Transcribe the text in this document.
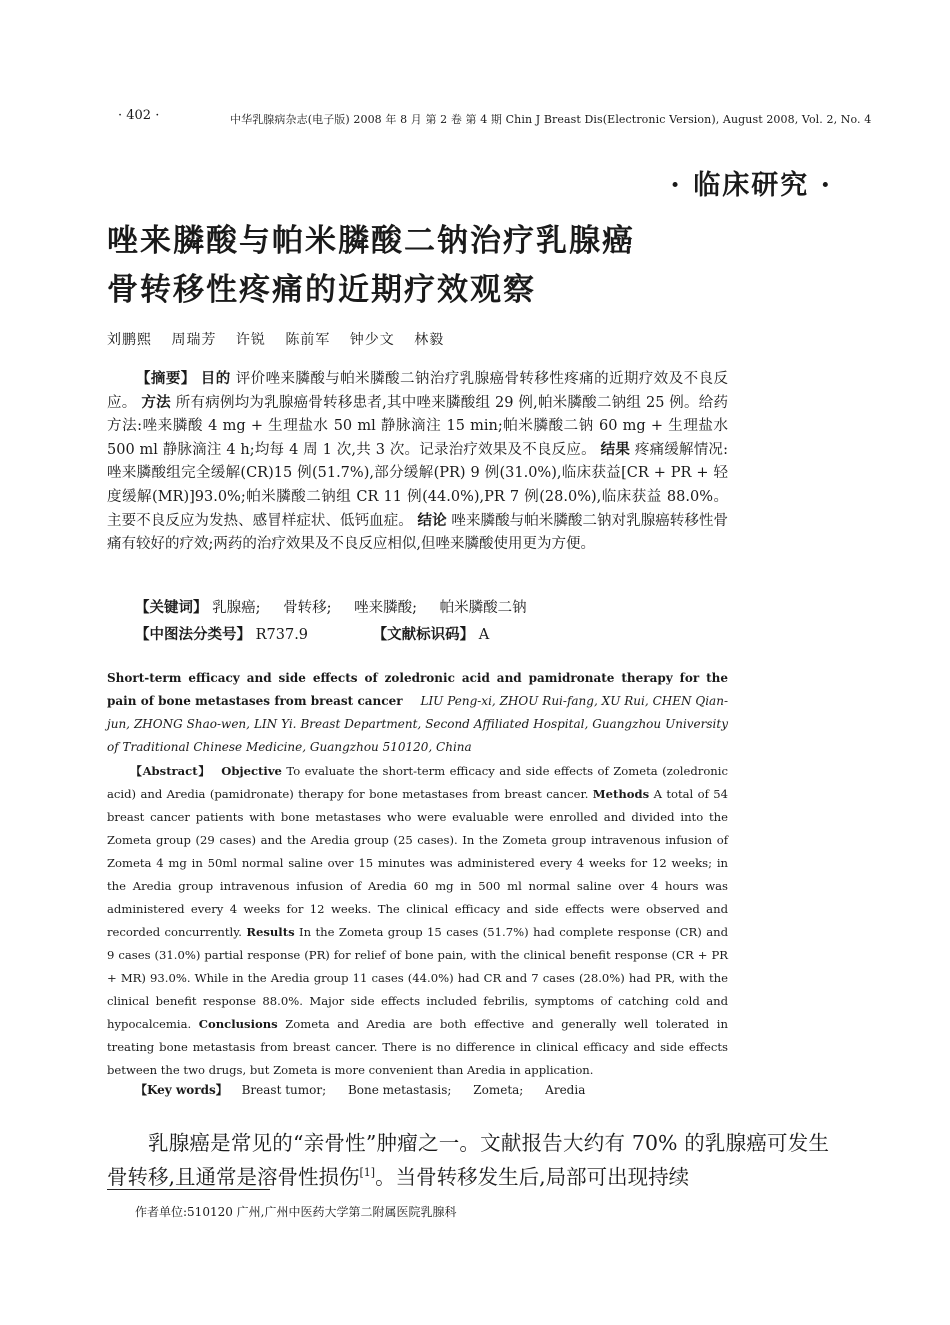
· 402 ·	中华乳腺病杂志(电子版) 2008 年 8 月 第 2 卷 第 4 期 Chin J Breast Dis(Electronic Version), August 2008, Vol. 2, No. 4
· 临床研究 ·
唑来膦酸与帕米膦酸二钠治疗乳腺癌
骨转移性疼痛的近期疗效观察
刘鹏熙 周瑞芳 许锐 陈前军 钟少文 林毅

【摘要】 目的 评价唑来膦酸与帕米膦酸二钠治疗乳腺癌骨转移性疼痛的近期疗效及不良反应。 方法 所有病例均为乳腺癌骨转移患者,其中唑来膦酸组 29 例,帕米膦酸二钠组 25 例。给药方法:唑来膦酸 4 mg + 生理盐水 50 ml 静脉滴注 15 min;帕米膦酸二钠 60 mg + 生理盐水 500 ml 静脉滴注 4 h;均每 4 周 1 次,共 3 次。记录治疗效果及不良反应。 结果 疼痛缓解情况:唑来膦酸组完全缓解(CR)15 例(51.7%),部分缓解(PR) 9 例(31.0%),临床获益[CR + PR + 轻度缓解(MR)]93.0%;帕米膦酸二钠组 CR 11 例(44.0%),PR 7 例(28.0%),临床获益 88.0%。主要不良反应为发热、感冒样症状、低钙血症。 结论 唑来膦酸与帕米膦酸二钠对乳腺癌转移性骨痛有较好的疗效;两药的治疗效果及不良反应相似,但唑来膦酸使用更为方便。

【关键词】 乳腺癌; 骨转移; 唑来膦酸; 帕米膦酸二钠
【中图法分类号】 R737.9	【文献标识码】 A
Short-term efficacy and side effects of zoledronic acid and pamidronate therapy for the pain of bone metastases from breast cancer LIU Peng-xi, ZHOU Rui-fang, XU Rui, CHEN Qian-jun, ZHONG Shao-wen, LIN Yi. Breast Department, Second Affiliated Hospital, Guangzhou University of Traditional Chinese Medicine, Guangzhou 510120, China

【Abstract】 Objective To evaluate the short-term efficacy and side effects of Zometa (zoledronic acid) and Aredia (pamidronate) therapy for bone metastases from breast cancer. Methods A total of 54 breast cancer patients with bone metastases who were evaluable were enrolled and divided into the Zometa group (29 cases) and the Aredia group (25 cases). In the Zometa group intravenous infusion of Zometa 4 mg in 50ml normal saline over 15 minutes was administered every 4 weeks for 12 weeks; in the Aredia group intravenous infusion of Aredia 60 mg in 500 ml normal saline over 4 hours was administered every 4 weeks for 12 weeks. The clinical efficacy and side effects were observed and recorded concurrently. Results In the Zometa group 15 cases (51.7%) had complete response (CR) and 9 cases (31.0%) partial response (PR) for relief of bone pain, with the clinical benefit response (CR + PR + MR) 93.0%. While in the Aredia group 11 cases (44.0%) had CR and 7 cases (28.0%) had PR, with the clinical benefit response 88.0%. Major side effects included febrilis, symptoms of catching cold and hypocalcemia. Conclusions Zometa and Aredia are both effective and generally well tolerated in treating bone metastasis from breast cancer. There is no difference in clinical efficacy and side effects between the two drugs, but Zometa is more convenient than Aredia in application.

【Key words】 Breast tumor; Bone metastasis; Zometa; Aredia

乳腺癌是常见的“亲骨性”肿瘤之一。文献报告大约有 70% 的乳腺癌可发生骨转移,且通常是溶骨性损伤[1]。当骨转移发生后,局部可出现持续

作者单位:510120 广州,广州中医药大学第二附属医院乳腺科
